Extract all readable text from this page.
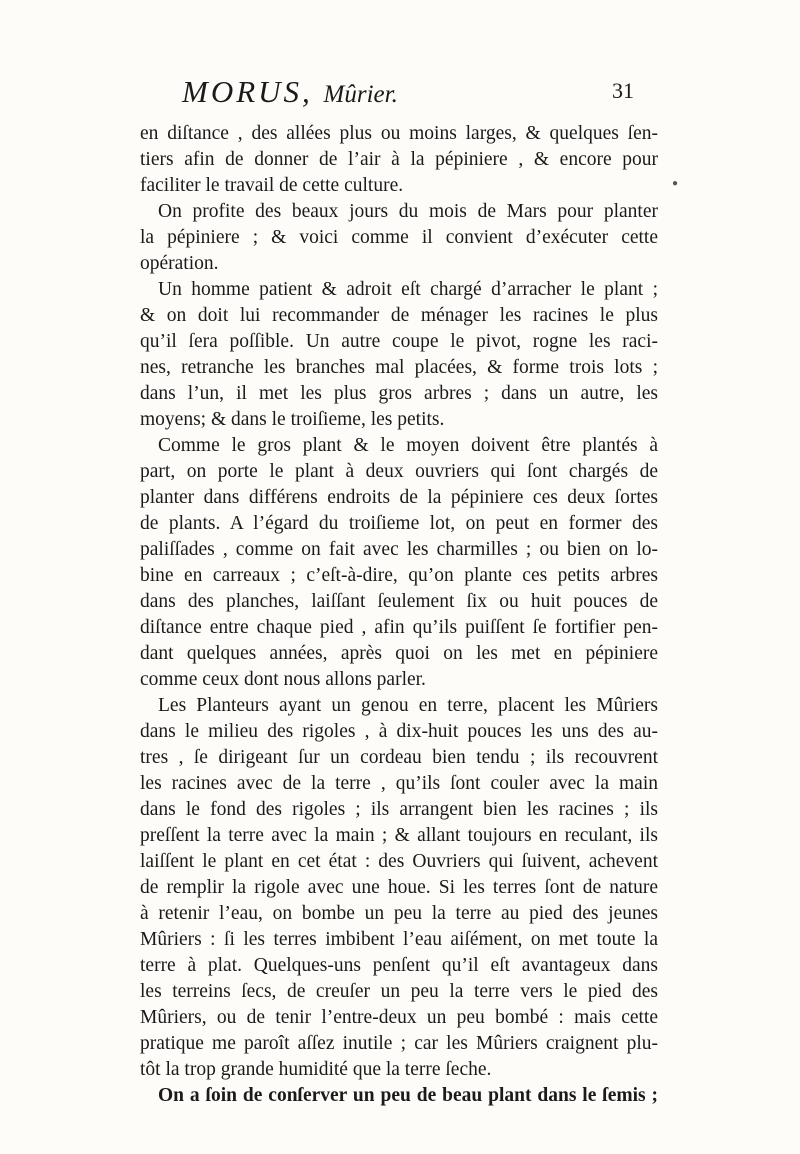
MORUS, Mûrier.	31
●
en diſtance , des allées plus ou moins larges, & quelques ſen-
tiers afin de donner de l’air à la pépiniere , & encore pour
faciliter le travail de cette culture.
On profite des beaux jours du mois de Mars pour planter
la pépiniere ; & voici comme il convient d’exécuter cette
opération.
Un homme patient & adroit eſt chargé d’arracher le plant ;
& on doit lui recommander de ménager les racines le plus
qu’il ſera poſſible. Un autre coupe le pivot, rogne les raci-
nes, retranche les branches mal placées, & forme trois lots ;
dans l’un, il met les plus gros arbres ; dans un autre, les
moyens; & dans le troiſieme, les petits.
Comme le gros plant & le moyen doivent être plantés à
part, on porte le plant à deux ouvriers qui ſont chargés de
planter dans différens endroits de la pépiniere ces deux ſortes
de plants. A l’égard du troiſieme lot, on peut en former des
paliſſades , comme on fait avec les charmilles ; ou bien on lo-
bine en carreaux ; c’eſt-à-dire, qu’on plante ces petits arbres
dans des planches, laiſſant ſeulement ſix ou huit pouces de
diſtance entre chaque pied , afin qu’ils puiſſent ſe fortifier pen-
dant quelques années, après quoi on les met en pépiniere
comme ceux dont nous allons parler.
Les Planteurs ayant un genou en terre, placent les Mûriers
dans le milieu des rigoles , à dix-huit pouces les uns des au-
tres , ſe dirigeant ſur un cordeau bien tendu ; ils recouvrent
les racines avec de la terre , qu’ils ſont couler avec la main
dans le fond des rigoles ; ils arrangent bien les racines ; ils
preſſent la terre avec la main ; & allant toujours en reculant, ils
laiſſent le plant en cet état : des Ouvriers qui ſuivent, achevent
de remplir la rigole avec une houe. Si les terres ſont de nature
à retenir l’eau, on bombe un peu la terre au pied des jeunes
Mûriers : ſi les terres imbibent l’eau aiſément, on met toute la
terre à plat. Quelques-uns penſent qu’il eſt avantageux dans
les terreins ſecs, de creuſer un peu la terre vers le pied des
Mûriers, ou de tenir l’entre-deux un peu bombé : mais cette
pratique me paroît aſſez inutile ; car les Mûriers craignent plu-
tôt la trop grande humidité que la terre ſeche.
On a ſoin de conſerver un peu de beau plant dans le ſemis ;
